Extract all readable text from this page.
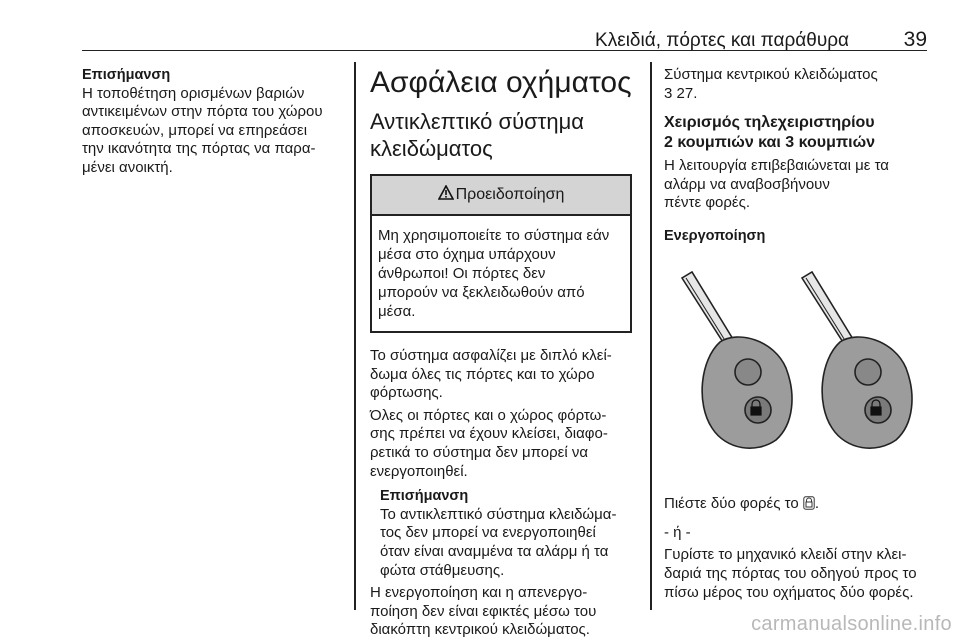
Κλειδιά, πόρτες και παράθυρα	39
Επισήμανση
Η τοποθέτηση ορισμένων βαριών
αντικειμένων στην πόρτα του χώρου
αποσκευών, μπορεί να επηρεάσει
την ικανότητα της πόρτας να παρα-
μένει ανοικτή.
Ασφάλεια οχήματος
Αντικλεπτικό σύστημα
κλειδώματος
Προειδοποίηση
Μη χρησιμοποιείτε το σύστημα εάν
μέσα στο όχημα υπάρχουν
άνθρωποι! Οι πόρτες δεν
μπορούν να ξεκλειδωθούν από
μέσα.
Το σύστημα ασφαλίζει με διπλό κλεί-
δωμα όλες τις πόρτες και το χώρο
φόρτωσης.
Όλες οι πόρτες και ο χώρος φόρτω-
σης πρέπει να έχουν κλείσει, διαφο-
ρετικά το σύστημα δεν μπορεί να
ενεργοποιηθεί.
Επισήμανση
Το αντικλεπτικό σύστημα κλειδώμα-
τος δεν μπορεί να ενεργοποιηθεί
όταν είναι αναμμένα τα αλάρμ ή τα
φώτα στάθμευσης.
Η ενεργοποίηση και η απενεργο-
ποίηση δεν είναι εφικτές μέσω του
διακόπτη κεντρικού κλειδώματος.
Σύστημα κεντρικού κλειδώματος
3 27.
Χειρισμός τηλεχειριστηρίου
2 κουμπιών και 3 κουμπιών
Η λειτουργία επιβεβαιώνεται με τα
αλάρμ να αναβοσβήνουν
πέντε φορές.
Ενεργοποίηση
Πιέστε δύο φορές το .
- ή -
Γυρίστε το μηχανικό κλειδί στην κλει-
δαριά της πόρτας του οδηγού προς το
πίσω μέρος του οχήματος δύο φορές.
carmanualsonline.info
